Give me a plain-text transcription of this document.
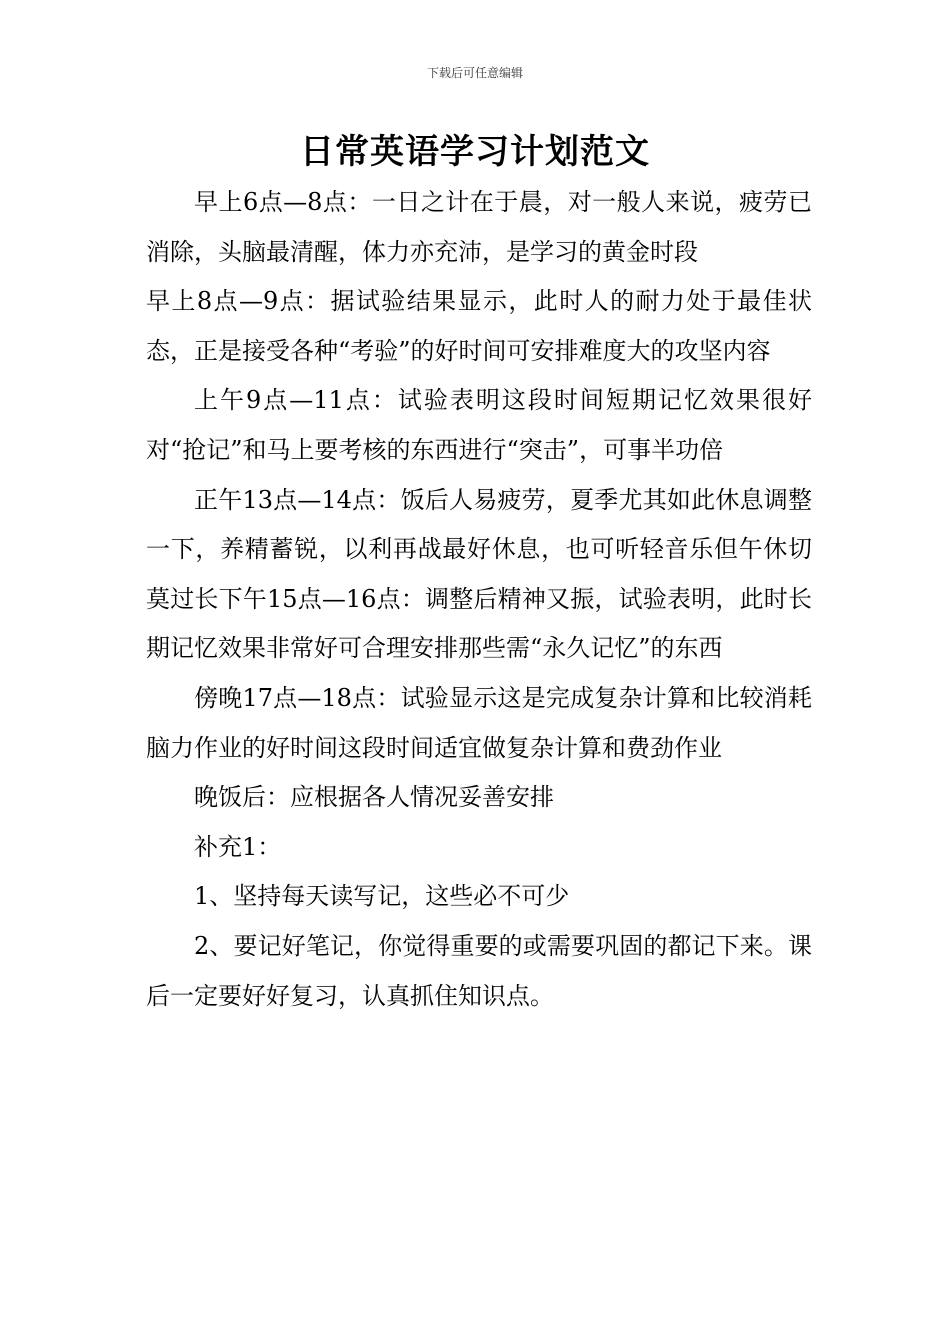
下载后可任意编辑
日常英语学习计划范文

早上6点—8点：一日之计在于晨，对一般人来说，疲劳已消除，头脑最清醒，体力亦充沛，是学习的黄金时段

早上8点—9点：据试验结果显示，此时人的耐力处于最佳状态，正是接受各种“考验”的好时间可安排难度大的攻坚内容

上午9点—11点：试验表明这段时间短期记忆效果很好对“抢记”和马上要考核的东西进行“突击”，可事半功倍

正午13点—14点：饭后人易疲劳，夏季尤其如此休息调整一下，养精蓄锐，以利再战最好休息，也可听轻音乐但午休切莫过长下午15点—16点：调整后精神又振，试验表明，此时长期记忆效果非常好可合理安排那些需“永久记忆”的东西

傍晚17点—18点：试验显示这是完成复杂计算和比较消耗脑力作业的好时间这段时间适宜做复杂计算和费劲作业

晚饭后：应根据各人情况妥善安排

补充1：

1、坚持每天读写记，这些必不可少

2、要记好笔记，你觉得重要的或需要巩固的都记下来。课后一定要好好复习，认真抓住知识点。
